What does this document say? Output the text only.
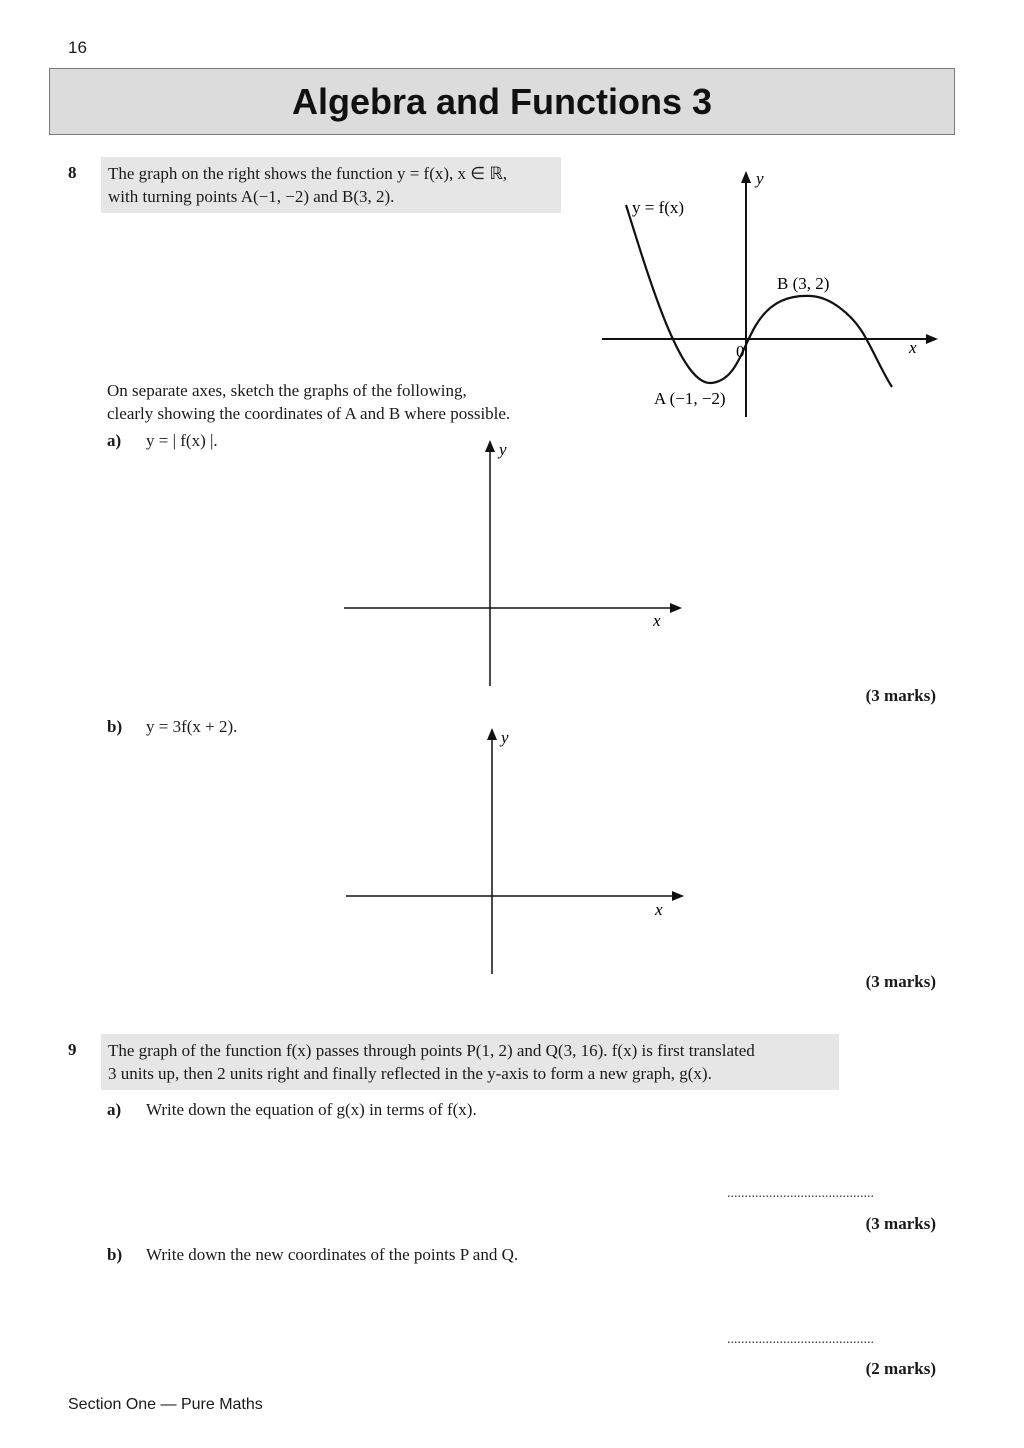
16
Algebra and Functions 3
8 The graph on the right shows the function y = f(x), x ∈ ℝ,
with turning points A(−1, −2) and B(3, 2).
y = f(x)
B (3, 2)
A (−1, −2)
0	x
y
On separate axes, sketch the graphs of the following,
clearly showing the coordinates of A and B where possible.
a) y = | f(x) |.
x
y
(3 marks)
b) y = 3f(x + 2).
x
y
(3 marks)
9 The graph of the function f(x) passes through points P(1, 2) and Q(3, 16). f(x) is first translated
3 units up, then 2 units right and finally reflected in the y-axis to form a new graph, g(x).
a) Write down the equation of g(x) in terms of f(x).
..........................................
(3 marks)
b) Write down the new coordinates of the points P and Q.
..........................................
(2 marks)
Section One — Pure Maths
